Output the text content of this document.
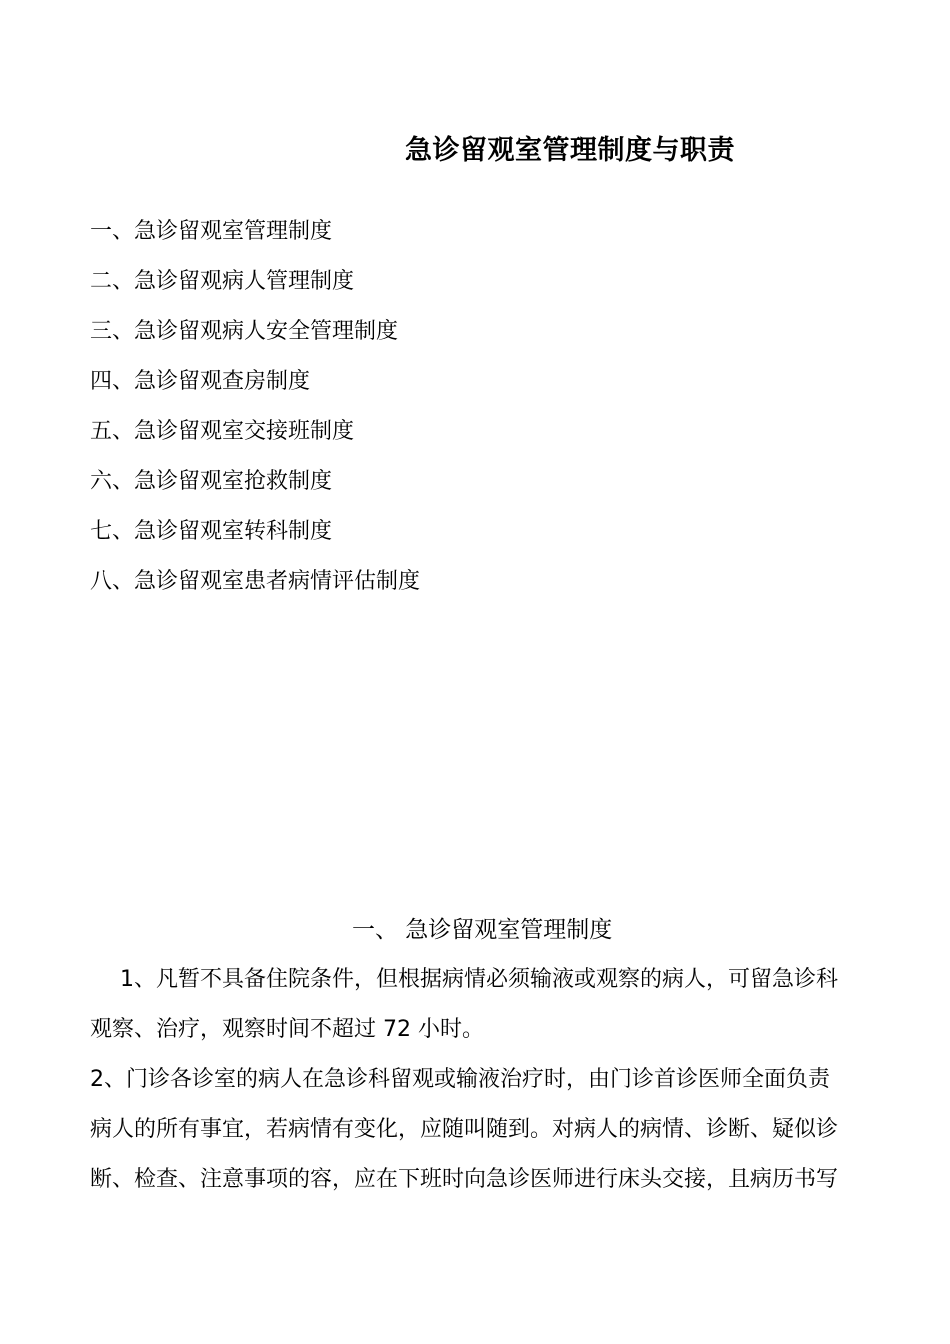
急诊留观室管理制度与职责
一、急诊留观室管理制度
二、急诊留观病人管理制度
三、急诊留观病人安全管理制度
四、急诊留观查房制度
五、急诊留观室交接班制度
六、急诊留观室抢救制度
七、急诊留观室转科制度
八、急诊留观室患者病情评估制度
一、 急诊留观室管理制度
1、凡暂不具备住院条件，但根据病情必须输液或观察的病人，可留急诊科
观察、治疗，观察时间不超过 72 小时。
2、门诊各诊室的病人在急诊科留观或输液治疗时，由门诊首诊医师全面负责
病人的所有事宜，若病情有变化，应随叫随到。对病人的病情、诊断、疑似诊
断、检查、注意事项的容，应在下班时向急诊医师进行床头交接，且病历书写
